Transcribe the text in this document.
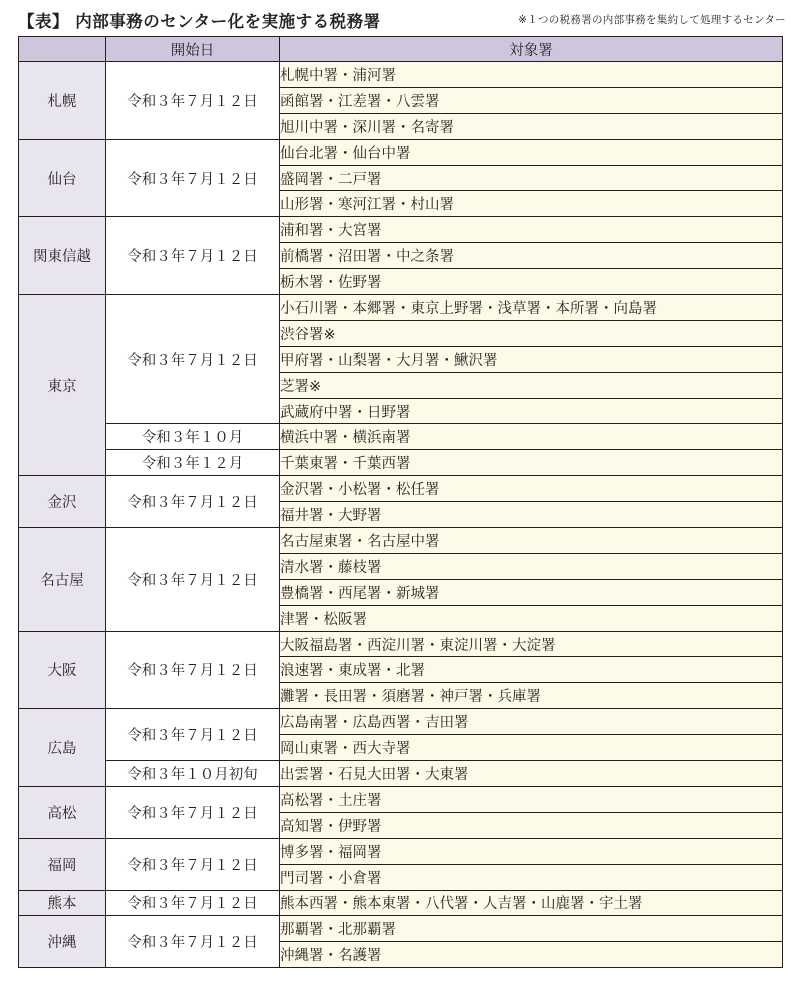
【表】 内部事務のセンター化を実施する税務署	※１つの税務署の内部事務を集約して処理するセンター
	開始日	対象署
札幌	令和３年７月１２日	札幌中署・浦河署
		函館署・江差署・八雲署
		旭川中署・深川署・名寄署
仙台	令和３年７月１２日	仙台北署・仙台中署
		盛岡署・二戸署
		山形署・寒河江署・村山署
関東信越	令和３年７月１２日	浦和署・大宮署
		前橋署・沼田署・中之条署
		栃木署・佐野署
東京	令和３年７月１２日	小石川署・本郷署・東京上野署・浅草署・本所署・向島署
		渋谷署※
		甲府署・山梨署・大月署・鰍沢署
		芝署※
		武蔵府中署・日野署
	令和３年１０月	横浜中署・横浜南署
	令和３年１２月	千葉東署・千葉西署
金沢	令和３年７月１２日	金沢署・小松署・松任署
		福井署・大野署
名古屋	令和３年７月１２日	名古屋東署・名古屋中署
		清水署・藤枝署
		豊橋署・西尾署・新城署
		津署・松阪署
大阪	令和３年７月１２日	大阪福島署・西淀川署・東淀川署・大淀署
		浪速署・東成署・北署
		灘署・長田署・須磨署・神戸署・兵庫署
広島	令和３年７月１２日	広島南署・広島西署・吉田署
		岡山東署・西大寺署
	令和３年１０月初旬	出雲署・石見大田署・大東署
高松	令和３年７月１２日	高松署・土庄署
		高知署・伊野署
福岡	令和３年７月１２日	博多署・福岡署
		門司署・小倉署
熊本	令和３年７月１２日	熊本西署・熊本東署・八代署・人吉署・山鹿署・宇土署
沖縄	令和３年７月１２日	那覇署・北那覇署
		沖縄署・名護署
